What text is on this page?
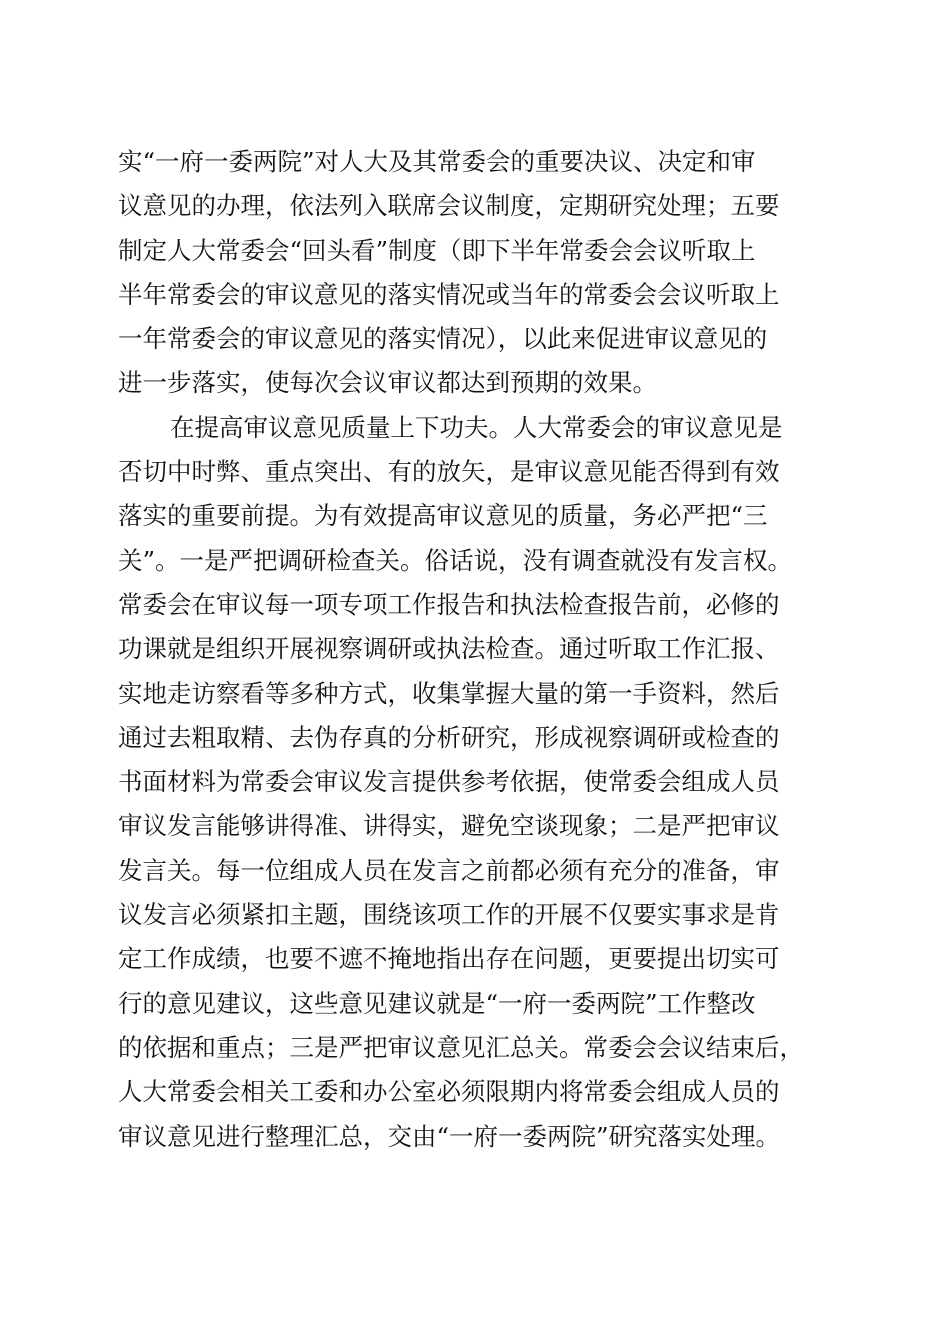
实“一府一委两院”对人大及其常委会的重要决议、决定和审
议意见的办理，依法列入联席会议制度，定期研究处理；五要
制定人大常委会“回头看”制度（即下半年常委会会议听取上
半年常委会的审议意见的落实情况或当年的常委会会议听取上
一年常委会的审议意见的落实情况），以此来促进审议意见的
进一步落实，使每次会议审议都达到预期的效果。
在提高审议意见质量上下功夫。人大常委会的审议意见是
否切中时弊、重点突出、有的放矢，是审议意见能否得到有效
落实的重要前提。为有效提高审议意见的质量，务必严把“三
关”。一是严把调研检查关。俗话说，没有调查就没有发言权。
常委会在审议每一项专项工作报告和执法检查报告前，必修的
功课就是组织开展视察调研或执法检查。通过听取工作汇报、
实地走访察看等多种方式，收集掌握大量的第一手资料，然后
通过去粗取精、去伪存真的分析研究，形成视察调研或检查的
书面材料为常委会审议发言提供参考依据，使常委会组成人员
审议发言能够讲得准、讲得实，避免空谈现象；二是严把审议
发言关。每一位组成人员在发言之前都必须有充分的准备，审
议发言必须紧扣主题，围绕该项工作的开展不仅要实事求是肯
定工作成绩，也要不遮不掩地指出存在问题，更要提出切实可
行的意见建议，这些意见建议就是“一府一委两院”工作整改
的依据和重点；三是严把审议意见汇总关。常委会会议结束后，
人大常委会相关工委和办公室必须限期内将常委会组成人员的
审议意见进行整理汇总，交由“一府一委两院”研究落实处理。
